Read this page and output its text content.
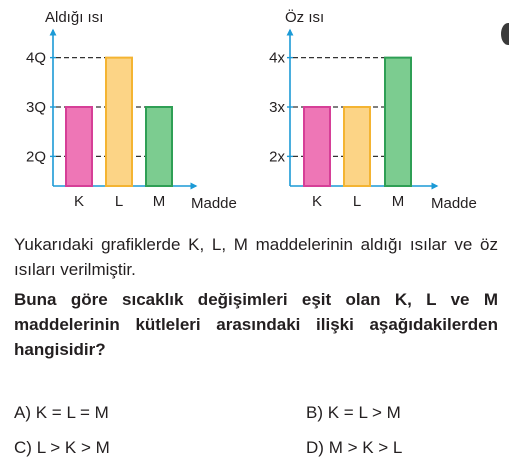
Aldığı ısı
Madde
2Q
3Q
4Q
K L M
Öz ısı
Madde
2x
3x
4x
K L M

Yukarıdaki grafiklerde K, L, M maddelerinin aldığı ısılar ve öz ısıları verilmiştir.

Buna göre sıcaklık değişimleri eşit olan K, L ve M maddelerinin kütleleri arasındaki ilişki aşağıdakilerden hangisidir?

A) K = L = M	B) K = L > M
C) L > K > M	D) M > K > L
